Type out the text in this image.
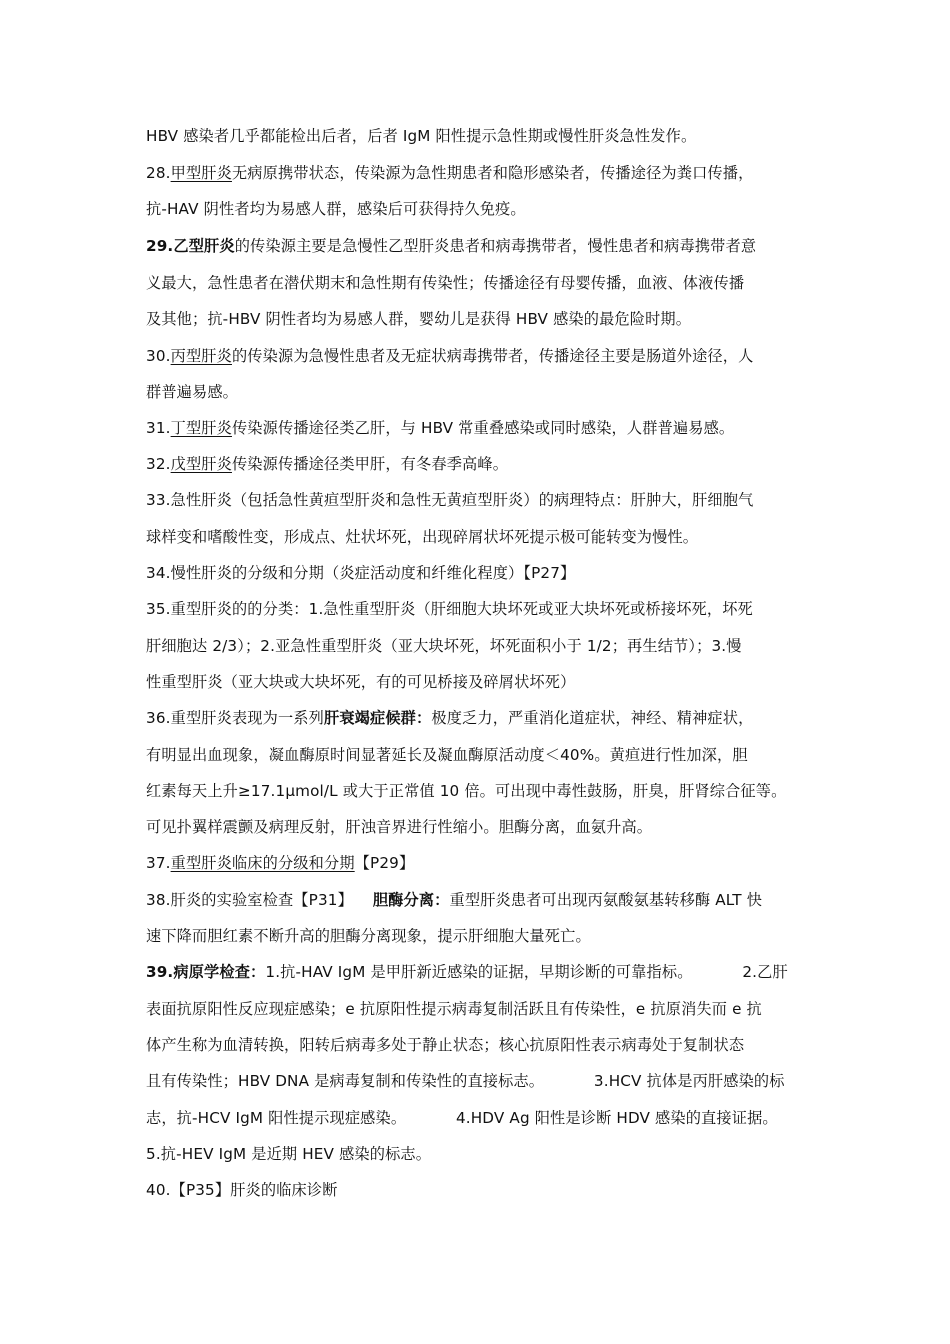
HBV 感染者几乎都能检出后者，后者 IgM 阳性提示急性期或慢性肝炎急性发作。
28.甲型肝炎无病原携带状态，传染源为急性期患者和隐形感染者，传播途径为粪口传播，
抗-HAV 阴性者均为易感人群，感染后可获得持久免疫。
29.乙型肝炎的传染源主要是急慢性乙型肝炎患者和病毒携带者，慢性患者和病毒携带者意
义最大，急性患者在潜伏期末和急性期有传染性；传播途径有母婴传播，血液、体液传播
及其他；抗-HBV 阴性者均为易感人群，婴幼儿是获得 HBV 感染的最危险时期。
30.丙型肝炎的传染源为急慢性患者及无症状病毒携带者，传播途径主要是肠道外途径，人
群普遍易感。
31.丁型肝炎传染源传播途径类乙肝，与 HBV 常重叠感染或同时感染，人群普遍易感。
32.戊型肝炎传染源传播途径类甲肝，有冬春季高峰。
33.急性肝炎（包括急性黄疸型肝炎和急性无黄疸型肝炎）的病理特点：肝肿大，肝细胞气
球样变和嗜酸性变，形成点、灶状坏死，出现碎屑状坏死提示极可能转变为慢性。
34.慢性肝炎的分级和分期（炎症活动度和纤维化程度）【P27】
35.重型肝炎的的分类：1.急性重型肝炎（肝细胞大块坏死或亚大块坏死或桥接坏死，坏死
肝细胞达 2/3）；2.亚急性重型肝炎（亚大块坏死，坏死面积小于 1/2；再生结节）；3.慢
性重型肝炎（亚大块或大块坏死，有的可见桥接及碎屑状坏死）
36.重型肝炎表现为一系列肝衰竭症候群：极度乏力，严重消化道症状，神经、精神症状，
有明显出血现象，凝血酶原时间显著延长及凝血酶原活动度＜40%。黄疸进行性加深，胆
红素每天上升≥17.1μmol/L 或大于正常值 10 倍。可出现中毒性鼓肠，肝臭，肝肾综合征等。
可见扑翼样震颤及病理反射，肝浊音界进行性缩小。胆酶分离，血氨升高。
37.重型肝炎临床的分级和分期【P29】
38.肝炎的实验室检查【P31】    胆酶分离：重型肝炎患者可出现丙氨酸氨基转移酶 ALT 快
速下降而胆红素不断升高的胆酶分离现象，提示肝细胞大量死亡。
39.病原学检查：1.抗-HAV IgM 是甲肝新近感染的证据，早期诊断的可靠指标。          2.乙肝
表面抗原阳性反应现症感染；e 抗原阳性提示病毒复制活跃且有传染性，e 抗原消失而 e 抗
体产生称为血清转换，阳转后病毒多处于静止状态；核心抗原阳性表示病毒处于复制状态
且有传染性；HBV DNA 是病毒复制和传染性的直接标志。          3.HCV 抗体是丙肝感染的标
志，抗-HCV IgM 阳性提示现症感染。          4.HDV Ag 阳性是诊断 HDV 感染的直接证据。
5.抗-HEV IgM 是近期 HEV 感染的标志。
40.【P35】肝炎的临床诊断
